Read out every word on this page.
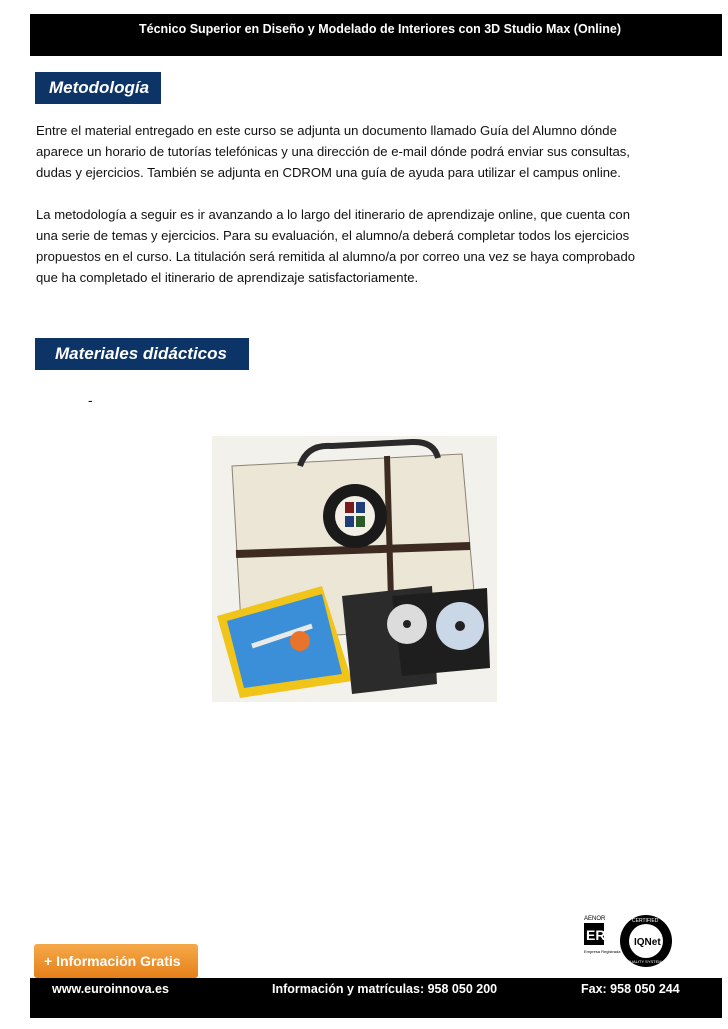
Técnico Superior en Diseño y Modelado de Interiores con 3D Studio Max (Online)
Metodología
Entre el material entregado en este curso se adjunta un documento llamado Guía del Alumno dónde aparece un horario de tutorías telefónicas y una dirección de e-mail dónde podrá enviar sus consultas, dudas y ejercicios. También se adjunta en CDROM una guía de ayuda para utilizar el campus online.
La metodología a seguir es ir avanzando a lo largo del itinerario de aprendizaje online, que cuenta con una serie de temas y ejercicios. Para su evaluación, el alumno/a deberá completar todos los ejercicios propuestos en el curso. La titulación será remitida al alumno/a por correo una vez se haya comprobado que ha completado el itinerario de aprendizaje satisfactoriamente.
Materiales didácticos
-
AENOR
ER
Empresa Registrada
IQNet
CERTIFIED
QUALITY SYSTEM
+ Información Gratis
www.euroinnova.es	Información y matrículas: 958 050 200	Fax: 958 050 244
